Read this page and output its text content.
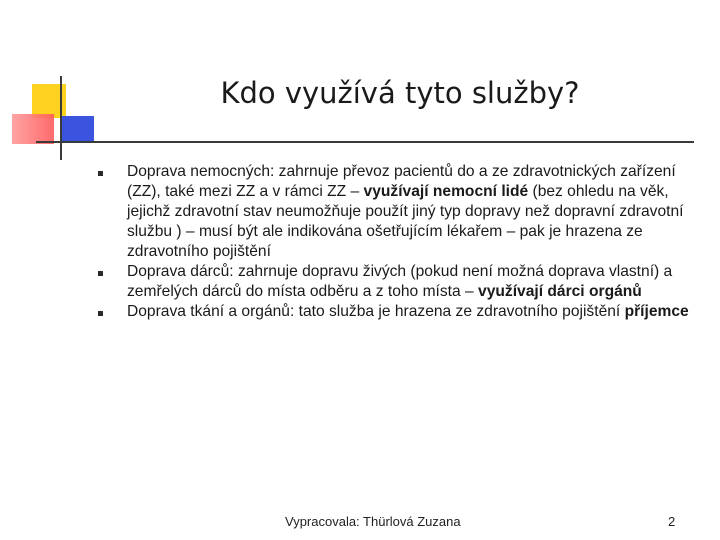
Kdo využívá tyto služby?
Doprava nemocných: zahrnuje převoz pacientů do a ze zdravotnických zařízení (ZZ), také mezi ZZ a v rámci ZZ – využívají nemocní lidé (bez ohledu na věk, jejichž zdravotní stav neumožňuje použít jiný typ dopravy než dopravní zdravotní službu ) – musí být ale indikována ošetřujícím lékařem – pak je hrazena ze zdravotního pojištění
Doprava dárců: zahrnuje dopravu živých (pokud není možná doprava vlastní) a zemřelých dárců do místa odběru a z toho místa – využívají dárci orgánů
Doprava tkání a orgánů: tato služba je hrazena ze zdravotního pojištění příjemce
Vypracovala: Thürlová Zuzana	2
